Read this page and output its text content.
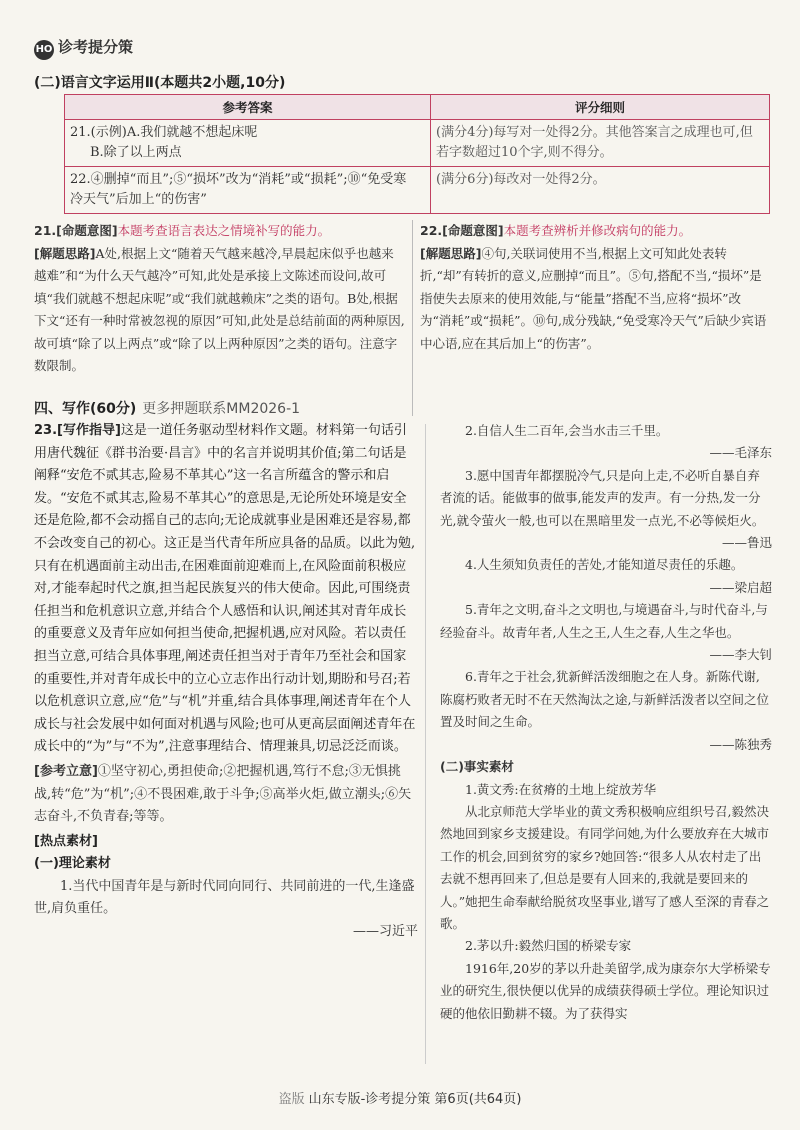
HO 诊考提分策
(二)语言文字运用Ⅱ(本题共2小题,10分)
参考答案	评分细则

21.(示例)A.我们就越不想起床呢
B.除了以上两点	(满分4分)每写对一处得2分。其他答案言之成理也可,但若字数超过10个字,则不得分。

22.④删掉“而且”;⑤“损坏”改为“消耗”或“损耗”;⑩“免受寒
冷天气”后加上“的伤害”	(满分6分)每改对一处得2分。

21.[命题意图]本题考查语言表达之情境补写的能力。

[解题思路]A处,根据上文“随着天气越来越冷,早晨起床似乎也越来越难”和“为什么天气越冷”可知,此处是承接上文陈述而设问,故可填“我们就越不想起床呢”或“我们就越赖床”之类的语句。B处,根据下文“还有一种时常被忽视的原因”可知,此处是总结前面的两种原因,故可填“除了以上两点”或“除了以上两种原因”之类的语句。注意字数限制。

22.[命题意图]本题考查辨析并修改病句的能力。

[解题思路]④句,关联词使用不当,根据上文可知此处表转折,“却”有转折的意义,应删掉“而且”。⑤句,搭配不当,“损坏”是指使失去原来的使用效能,与“能量”搭配不当,应将“损坏”改为“消耗”或“损耗”。⑩句,成分残缺,“免受寒冷天气”后缺少宾语中心语,应在其后加上“的伤害”。

四、写作(60分) 更多押题联系MM2026-1

23.[写作指导]这是一道任务驱动型材料作文题。材料第一句话引用唐代魏征《群书治要·昌言》中的名言并说明其价值;第二句话是阐释“安危不贰其志,险易不革其心”这一名言所蕴含的警示和启发。“安危不贰其志,险易不革其心”的意思是,无论所处环境是安全还是危险,都不会动摇自己的志向;无论成就事业是困难还是容易,都不会改变自己的初心。这正是当代青年所应具备的品质。以此为勉,只有在机遇面前主动出击,在困难面前迎难而上,在风险面前积极应对,才能奉起时代之旗,担当起民族复兴的伟大使命。因此,可围绕责任担当和危机意识立意,并结合个人感悟和认识,阐述其对青年成长的重要意义及青年应如何担当使命,把握机遇,应对风险。若以责任担当立意,可结合具体事理,阐述责任担当对于青年乃至社会和国家的重要性,并对青年成长中的立心立志作出行动计划,期盼和号召;若以危机意识立意,应“危”与“机”并重,结合具体事理,阐述青年在个人成长与社会发展中如何面对机遇与风险;也可从更高层面阐述青年在成长中的“为”与“不为”,注意事理结合、情理兼具,切忌泛泛而谈。

[参考立意]①坚守初心,勇担使命;②把握机遇,笃行不怠;③无惧挑战,转“危”为“机”;④不畏困难,敢于斗争;⑤高举火炬,做立潮头;⑥矢志奋斗,不负青春;等等。

[热点素材]

(一)理论素材

1.当代中国青年是与新时代同向同行、共同前进的一代,生逢盛世,肩负重任。

——习近平

2.自信人生二百年,会当水击三千里。

——毛泽东

3.愿中国青年都摆脱冷气,只是向上走,不必听自暴自弃者流的话。能做事的做事,能发声的发声。有一分热,发一分光,就令萤火一般,也可以在黑暗里发一点光,不必等候炬火。

——鲁迅

4.人生须知负责任的苦处,才能知道尽责任的乐趣。

——梁启超

5.青年之文明,奋斗之文明也,与境遇奋斗,与时代奋斗,与经验奋斗。故青年者,人生之王,人生之春,人生之华也。

——李大钊

6.青年之于社会,犹新鲜活泼细胞之在人身。新陈代谢,陈腐朽败者无时不在天然淘汰之途,与新鲜活泼者以空间之位置及时间之生命。

——陈独秀

(二)事实素材

1.黄文秀:在贫瘠的土地上绽放芳华

从北京师范大学毕业的黄文秀积极响应组织号召,毅然决然地回到家乡支援建设。有同学问她,为什么要放弃在大城市工作的机会,回到贫穷的家乡?她回答:“很多人从农村走了出去就不想再回来了,但总是要有人回来的,我就是要回来的人。”她把生命奉献给脱贫攻坚事业,谱写了感人至深的青春之歌。

2.茅以升:毅然归国的桥梁专家

1916年,20岁的茅以升赴美留学,成为康奈尔大学桥梁专业的研究生,很快便以优异的成绩获得硕士学位。理论知识过硬的他依旧勤耕不辍。为了获得实

盗版 山东专版-诊考提分策 第6页(共64页)
